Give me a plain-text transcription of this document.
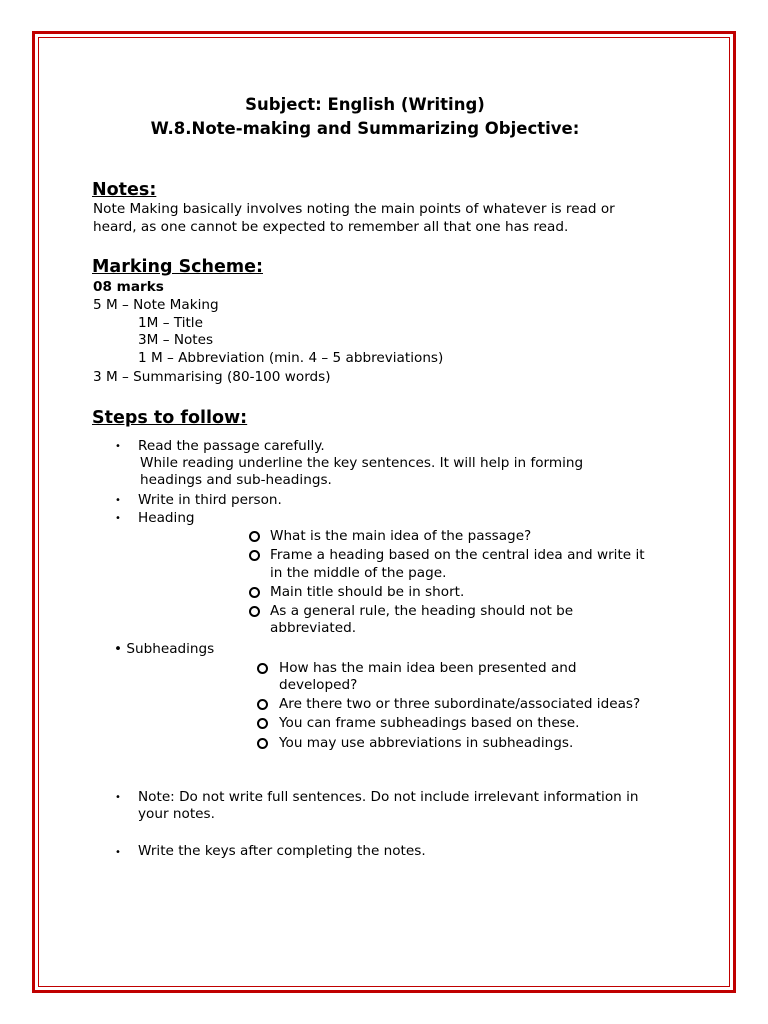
Subject: English (Writing)
W.8.Note-making and Summarizing Objective:
Notes:
Note Making basically involves noting the main points of whatever is read or
heard, as one cannot be expected to remember all that one has read.
Marking Scheme:
08 marks
5 M – Note Making
1M – Title
3M – Notes
1 M – Abbreviation (min. 4 – 5 abbreviations)
3 M – Summarising (80-100 words)
Steps to follow:
• Read the passage carefully.
While reading underline the key sentences. It will help in forming
headings and sub-headings.
• Write in third person.
• Heading
What is the main idea of the passage?
Frame a heading based on the central idea and write it
in the middle of the page.
Main title should be in short.
As a general rule, the heading should not be
abbreviated.
• Subheadings
How has the main idea been presented and
developed?
Are there two or three subordinate/associated ideas?
You can frame subheadings based on these.
You may use abbreviations in subheadings.
• Note: Do not write full sentences. Do not include irrelevant information in
your notes.
• Write the keys after completing the notes.
